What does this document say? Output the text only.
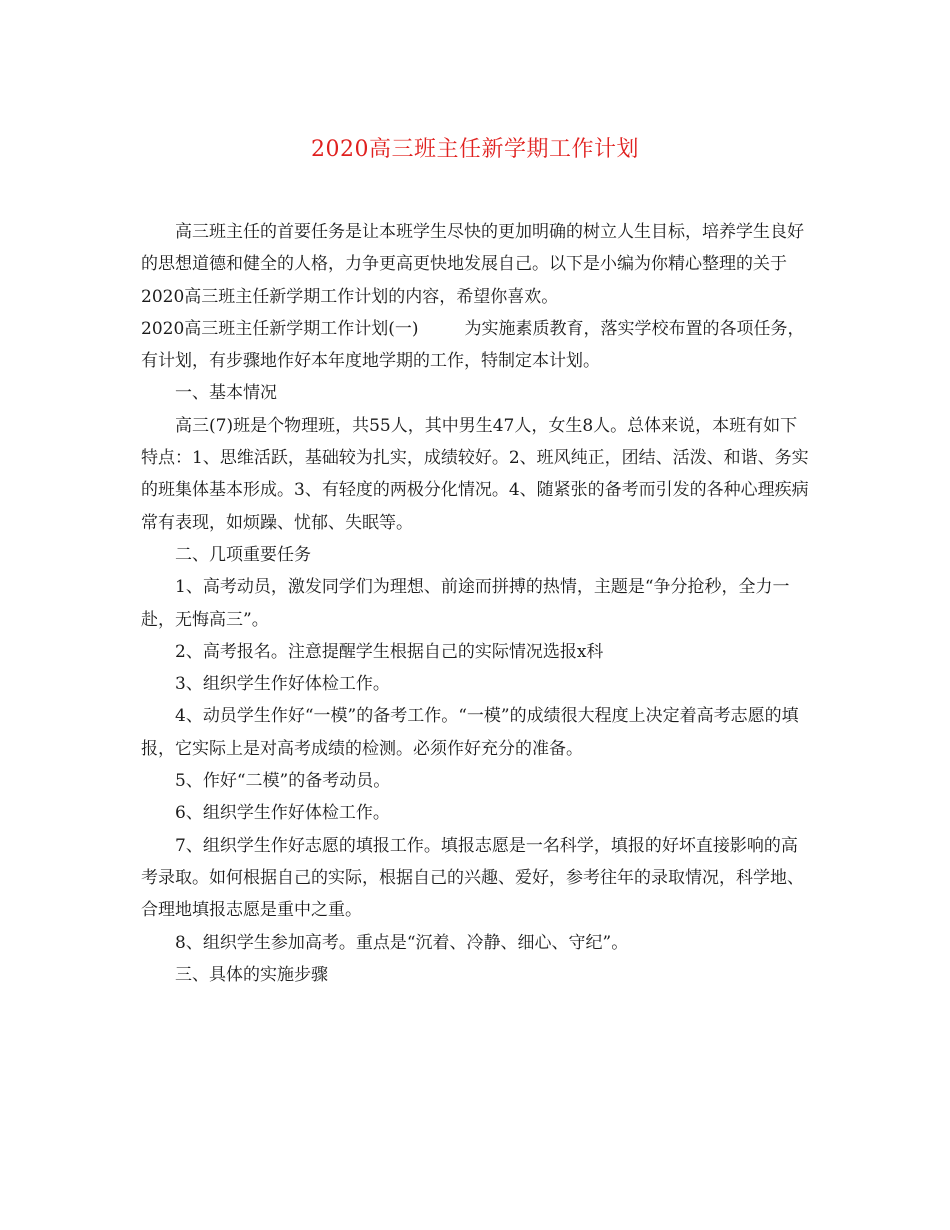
2020高三班主任新学期工作计划

高三班主任的首要任务是让本班学生尽快的更加明确的树立人生目标，培养学生良好的思想道德和健全的人格，力争更高更快地发展自己。以下是小编为你精心整理的关于2020高三班主任新学期工作计划的内容，希望你喜欢。

2020高三班主任新学期工作计划(一)	为实施素质教育，落实学校布置的各项任务，有计划，有步骤地作好本年度地学期的工作，特制定本计划。

一、基本情况

高三(7)班是个物理班，共55人，其中男生47人，女生8人。总体来说，本班有如下特点：1、思维活跃，基础较为扎实，成绩较好。2、班风纯正，团结、活泼、和谐、务实的班集体基本形成。3、有轻度的两极分化情况。4、随紧张的备考而引发的各种心理疾病常有表现，如烦躁、忧郁、失眠等。

二、几项重要任务

1、高考动员，激发同学们为理想、前途而拼搏的热情，主题是“争分抢秒，全力一赴，无悔高三”。

2、高考报名。注意提醒学生根据自己的实际情况选报x科

3、组织学生作好体检工作。

4、动员学生作好“一模”的备考工作。“一模”的成绩很大程度上决定着高考志愿的填报，它实际上是对高考成绩的检测。必须作好充分的准备。

5、作好“二模”的备考动员。

6、组织学生作好体检工作。

7、组织学生作好志愿的填报工作。填报志愿是一名科学，填报的好坏直接影响的高考录取。如何根据自己的实际，根据自己的兴趣、爱好，参考往年的录取情况，科学地、合理地填报志愿是重中之重。

8、组织学生参加高考。重点是“沉着、冷静、细心、守纪”。

三、具体的实施步骤
